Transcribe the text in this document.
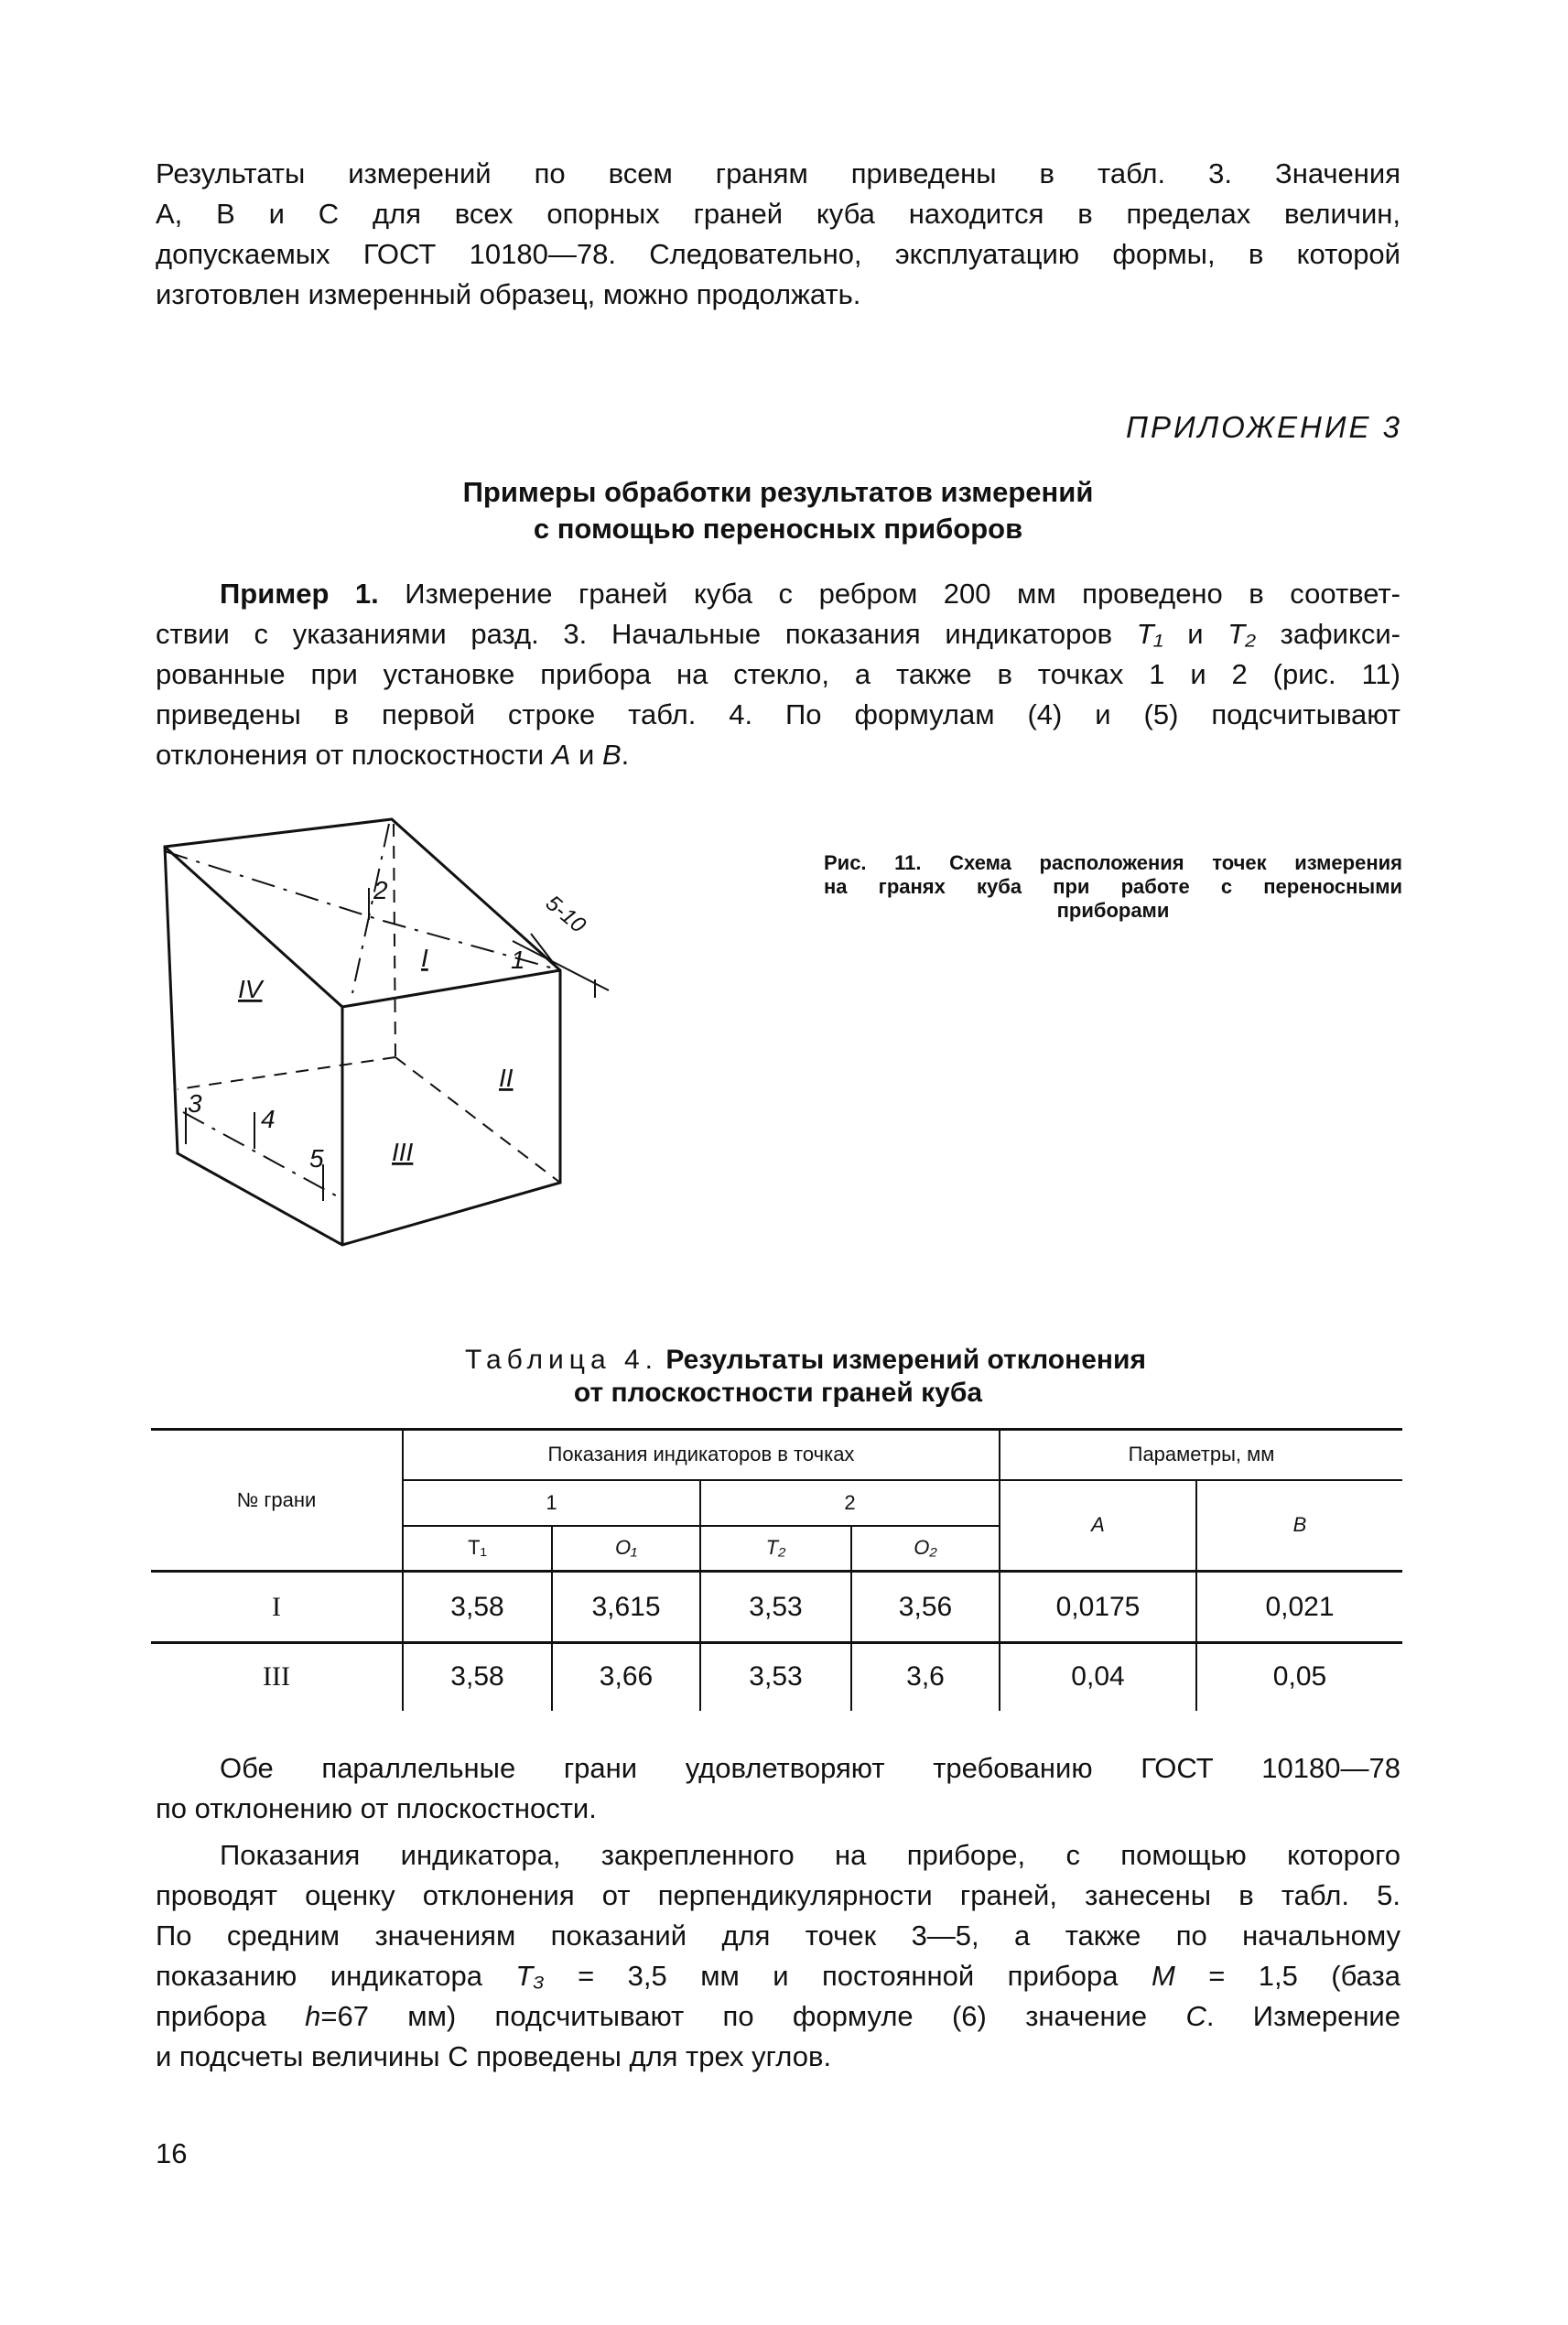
Результаты измерений по всем граням приведены в табл. 3. Значения
A, B и C для всех опорных граней куба находится в пределах величин,
допускаемых ГОСТ 10180—78. Следовательно, эксплуатацию формы, в которой
изготовлен измеренный образец, можно продолжать.
ПРИЛОЖЕНИЕ 3
Примеры обработки результатов измерений
с помощью переносных приборов
Пример 1. Измерение граней куба с ребром 200 мм проведено в соответ-
ствии с указаниями разд. 3. Начальные показания индикаторов T₁ и T₂ зафикси-
рованные при установке прибора на стекло, а также в точках 1 и 2 (рис. 11)
приведены в первой строке табл. 4. По формулам (4) и (5) подсчитывают
отклонения от плоскостности A и B.
2
1
3
4
5
I
II
III
IV
5-10
Рис. 11. Схема расположения точек измерения
на гранях куба при работе с переносными
приборами
Таблица 4. Результаты измерений отклонения
от плоскостности граней куба
№ грани	Показания индикаторов в точках				Параметры, мм	
	1		2		A	B
	T₁	O₁	T₂	O₂		
I	3,58	3,615	3,53	3,56	0,0175	0,021
III	3,58	3,66	3,53	3,6	0,04	0,05
Обе параллельные грани удовлетворяют требованию ГОСТ 10180—78
по отклонению от плоскостности.
Показания индикатора, закрепленного на приборе, с помощью которого
проводят оценку отклонения от перпендикулярности граней, занесены в табл. 5.
По средним значениям показаний для точек 3—5, а также по начальному
показанию индикатора T₃ = 3,5 мм и постоянной прибора M = 1,5 (база
прибора h=67 мм) подсчитывают по формуле (6) значение C. Измерение
и подсчеты величины C проведены для трех углов.
16
